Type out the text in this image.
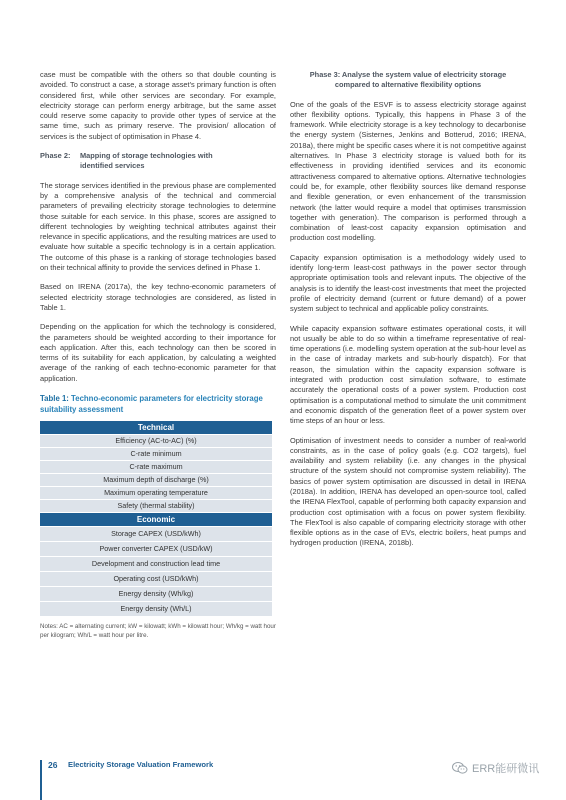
case must be compatible with the others so that double counting is avoided. To construct a case, a storage asset's primary function is often considered first, while other services are secondary. For example, electricity storage can perform energy arbitrage, but the same asset could reserve some capacity to provide other types of service at the same time, such as primary reserve. The provision/ allocation of services is the subject of optimisation in Phase 4.

Phase 2: Mapping of storage technologies with
identified services

The storage services identified in the previous phase are complemented by a comprehensive analysis of the technical and commercial parameters of prevailing electricity storage technologies to determine those suitable for each service. In this phase, scores are assigned to different technologies by weighting technical attributes against their relevance in specific applications, and the resulting matrices are used to evaluate how suitable a specific technology is in a certain application. The outcome of this phase is a ranking of storage technologies based on their technical affinity to provide the services defined in Phase 1.

Based on IRENA (2017a), the key techno-economic parameters of selected electricity storage technologies are considered, as listed in Table 1.

Depending on the application for which the technology is considered, the parameters should be weighted according to their importance for each application. After this, each technology can then be scored in terms of its suitability for each application, by calculating a weighted average of the ranking of each techno-economic parameter for that application.

Table 1: Techno-economic parameters for electricity storage suitability assessment
Technical
Efficiency (AC-to-AC) (%)
C-rate minimum
C-rate maximum
Maximum depth of discharge (%)
Maximum operating temperature
Safety (thermal stability)
Economic
Storage CAPEX (USD/kWh)
Power converter CAPEX (USD/kW)
Development and construction lead time
Operating cost (USD/kWh)
Energy density (Wh/kg)
Energy density (Wh/L)
Notes: AC = alternating current; kW = kilowatt; kWh = kilowatt hour; Wh/kg = watt hour per kilogram; Wh/L = watt hour per litre.
Phase 3: Analyse the system value of electricity storage
compared to alternative flexibility options

One of the goals of the ESVF is to assess electricity storage against other flexibility options. Typically, this happens in Phase 3 of the framework. While electricity storage is a key technology to decarbonise the energy system (Sisternes, Jenkins and Botterud, 2016; IRENA, 2018a), there might be specific cases where it is not competitive against alternatives. In Phase 3 electricity storage is valued both for its effectiveness in providing identified services and its economic attractiveness compared to alternative options. Alternative technologies could be, for example, other flexibility sources like demand response and flexible generation, or even enhancement of the transmission network (the latter would require a model that optimises transmission together with generation). The comparison is performed through a combination of least-cost capacity expansion optimisation and production cost modelling.

Capacity expansion optimisation is a methodology widely used to identify long-term least-cost pathways in the power sector through appropriate optimisation tools and relevant inputs. The objective of the analysis is to identify the least-cost investments that meet the projected profile of electricity demand (current or future demand) of a power system subject to technical and applicable policy constraints.

While capacity expansion software estimates operational costs, it will not usually be able to do so within a timeframe representative of real-time operations (i.e. modelling system operation at the sub-hour level as in the case of intraday markets and sub-hourly dispatch). For that reason, the simulation within the capacity expansion software is integrated with production cost simulation software, to estimate accurately the operational costs of a power system. Production cost optimisation is a computational method to simulate the unit commitment and economic dispatch of the generation fleet of a power system over time steps of an hour or less.

Optimisation of investment needs to consider a number of real-world constraints, as in the case of policy goals (e.g. CO2 targets), fuel availability and system reliability (i.e. any changes in the physical structure of the system should not compromise system reliability). The basics of power system optimisation are discussed in detail in IRENA (2018a). In addition, IRENA has developed an open-source tool, called the IRENA FlexTool, capable of performing both capacity expansion and production cost optimisation with a focus on power system flexibility. The FlexTool is also capable of comparing electricity storage with other flexible options as in the case of EVs, electric boilers, heat pumps and hydrogen production (IRENA, 2018b).

26 Electricity Storage Valuation Framework	ERR能研微讯
